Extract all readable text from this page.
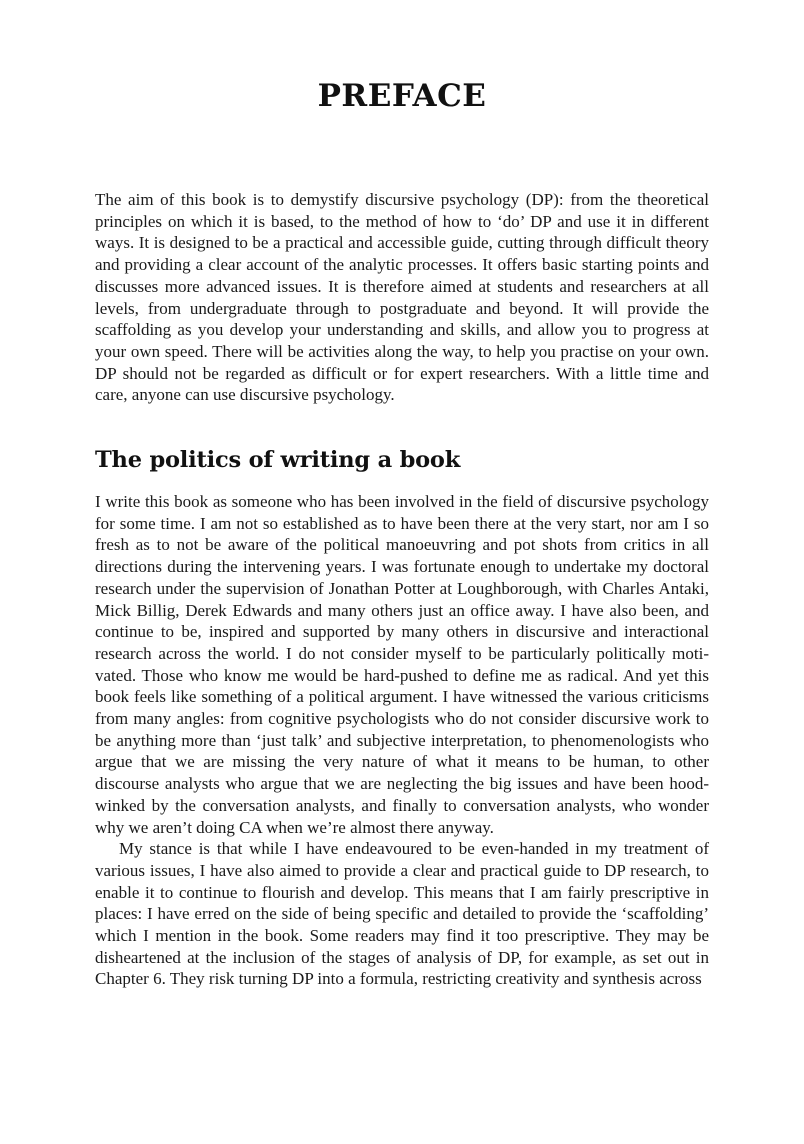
PREFACE

The aim of this book is to demystify discursive psychology (DP): from the theoretical principles on which it is based, to the method of how to ‘do’ DP and use it in different ways. It is designed to be a practical and accessible guide, cutting through difficult theory and providing a clear account of the analytic processes. It offers basic starting points and discusses more advanced issues. It is therefore aimed at students and researchers at all levels, from undergraduate through to postgraduate and beyond. It will provide the scaffolding as you develop your understanding and skills, and allow you to progress at your own speed. There will be activities along the way, to help you practise on your own. DP should not be regarded as difficult or for expert researchers. With a little time and care, anyone can use discursive psychology.

The politics of writing a book

I write this book as someone who has been involved in the field of discursive psychology for some time. I am not so established as to have been there at the very start, nor am I so fresh as to not be aware of the political manoeuvring and pot shots from critics in all directions during the intervening years. I was fortunate enough to undertake my doctoral research under the supervision of Jonathan Potter at Loughborough, with Charles Antaki, Mick Billig, Derek Edwards and many others just an office away. I have also been, and continue to be, inspired and supported by many others in discursive and interactional research across the world. I do not consider myself to be particularly politically motivated. Those who know me would be hard-pushed to define me as radical. And yet this book feels like something of a political argument. I have witnessed the various criticisms from many angles: from cognitive psychologists who do not consider discursive work to be anything more than ‘just talk’ and subjective interpretation, to phenomenologists who argue that we are missing the very nature of what it means to be human, to other discourse analysts who argue that we are neglecting the big issues and have been hoodwinked by the conversation analysts, and finally to conversation analysts, who wonder why we aren’t doing CA when we’re almost there anyway.

My stance is that while I have endeavoured to be even-handed in my treatment of various issues, I have also aimed to provide a clear and practical guide to DP research, to enable it to continue to flourish and develop. This means that I am fairly prescriptive in places: I have erred on the side of being specific and detailed to provide the ‘scaffolding’ which I mention in the book. Some readers may find it too prescriptive. They may be disheartened at the inclusion of the stages of analysis of DP, for example, as set out in Chapter 6. They risk turning DP into a formula, restricting creativity and synthesis across
